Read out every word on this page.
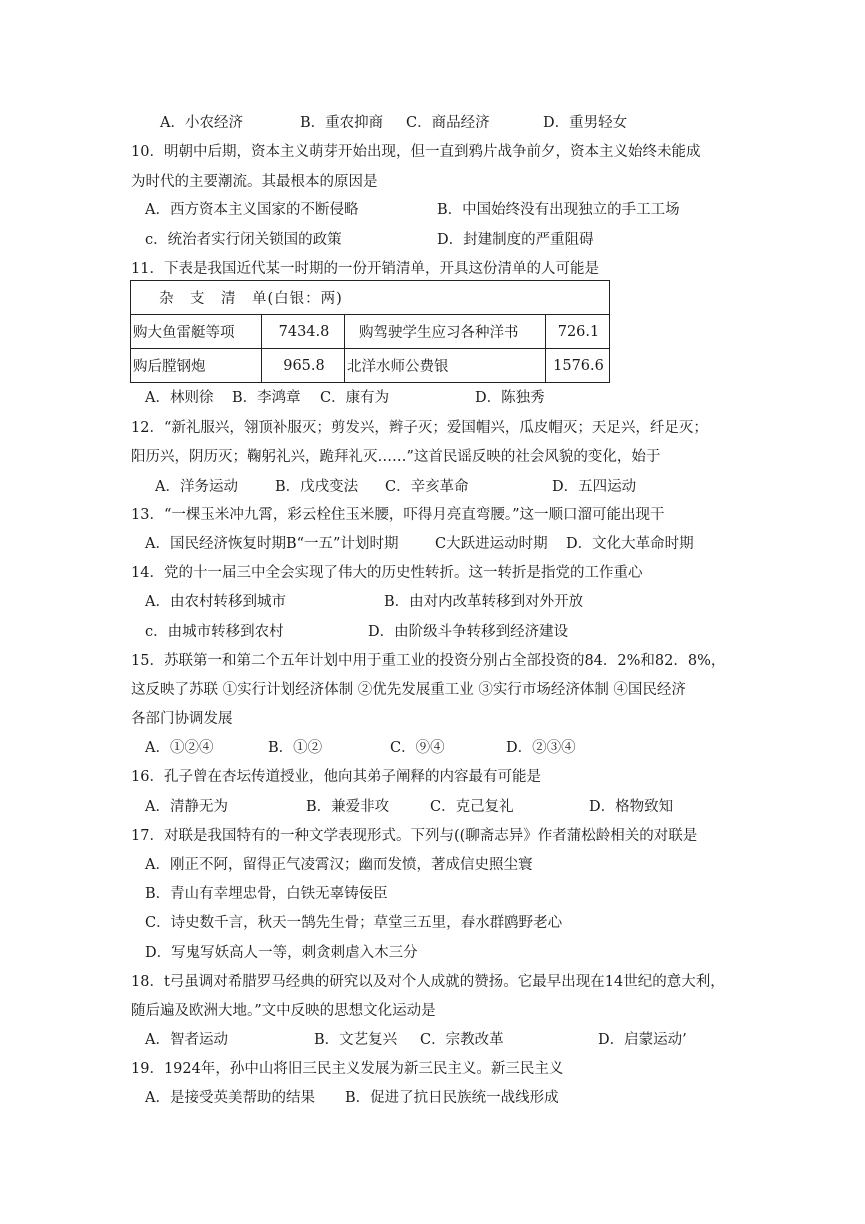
A．小农经济	B．重农抑商 C．商品经济	D．重男轻女
10．明朝中后期，资本主义萌芽开始出现，但一直到鸦片战争前夕，资本主义始终未能成
为时代的主要潮流。其最根本的原因是
A．西方资本主义国家的不断侵略	B．中国始终没有出现独立的手工工场
c．统治者实行闭关锁国的政策	D．封建制度的严重阻碍
11．下表是我国近代某一时期的一份开销清单，开具这份清单的人可能是
杂　支　清　单(白银：两)			
购大鱼雷艇等项	7434.8	购驾驶学生应习各种洋书	726.1
购后膛钢炮	965.8	北洋水师公费银	1576.6
A．林则徐 B．李鸿章 C．康有为	D．陈独秀
12．“新礼服兴，翎顶补服灭；剪发兴，辫子灭；爱国帽兴，瓜皮帽灭；天足兴，纤足灭；
阳历兴，阴历灭；鞠躬礼兴，跪拜礼灭……”这首民谣反映的社会风貌的变化，始于
A．洋务运动	B．戊戌变法 C．辛亥革命	D．五四运动
13．“一棵玉米冲九霄，彩云栓住玉米腰，吓得月亮直弯腰。”这一顺口溜可能出现干
A．国民经济恢复时期B“一五”计划时期	C大跃进运动时期 D．文化大革命时期
14．党的十一届三中全会实现了伟大的历史性转折。这一转折是指党的工作重心
A．由农村转移到城市	B．由对内改革转移到对外开放
c．由城市转移到农村	D．由阶级斗争转移到经济建设
15．苏联第一和第二个五年计划中用于重工业的投资分别占全部投资的84．2%和82．8%，
这反映了苏联 ①实行计划经济体制 ②优先发展重工业 ③实行市场经济体制 ④国民经济
各部门协调发展
A．①②④	B．①②	C．⑨④	D．②③④
16．孔子曾在杏坛传道授业，他向其弟子阐释的内容最有可能是
A．清静无为	B．兼爱非攻	C．克己复礼	D．格物致知
17．对联是我国特有的一种文学表现形式。下列与((聊斋志异》作者蒲松龄相关的对联是
A．刚正不阿，留得正气凌霄汉；幽而发愤，著成信史照尘寰
B．青山有幸埋忠骨，白铁无辜铸佞臣
C．诗史数千言，秋天一鹄先生骨；草堂三五里，春水群鸥野老心
D．写鬼写妖高人一等，刺贪刺虐入木三分
18．t弓虽调对希腊罗马经典的研究以及对个人成就的赞扬。它最早出现在14世纪的意大利，
随后遍及欧洲大地。”文中反映的思想文化运动是
A．智者运动	B．文艺复兴 C．宗教改革	D．启蒙运动’
19．1924年，孙中山将旧三民主义发展为新三民主义。新三民主义
A．是接受英美帮助的结果 B．促进了抗日民族统一战线形成
